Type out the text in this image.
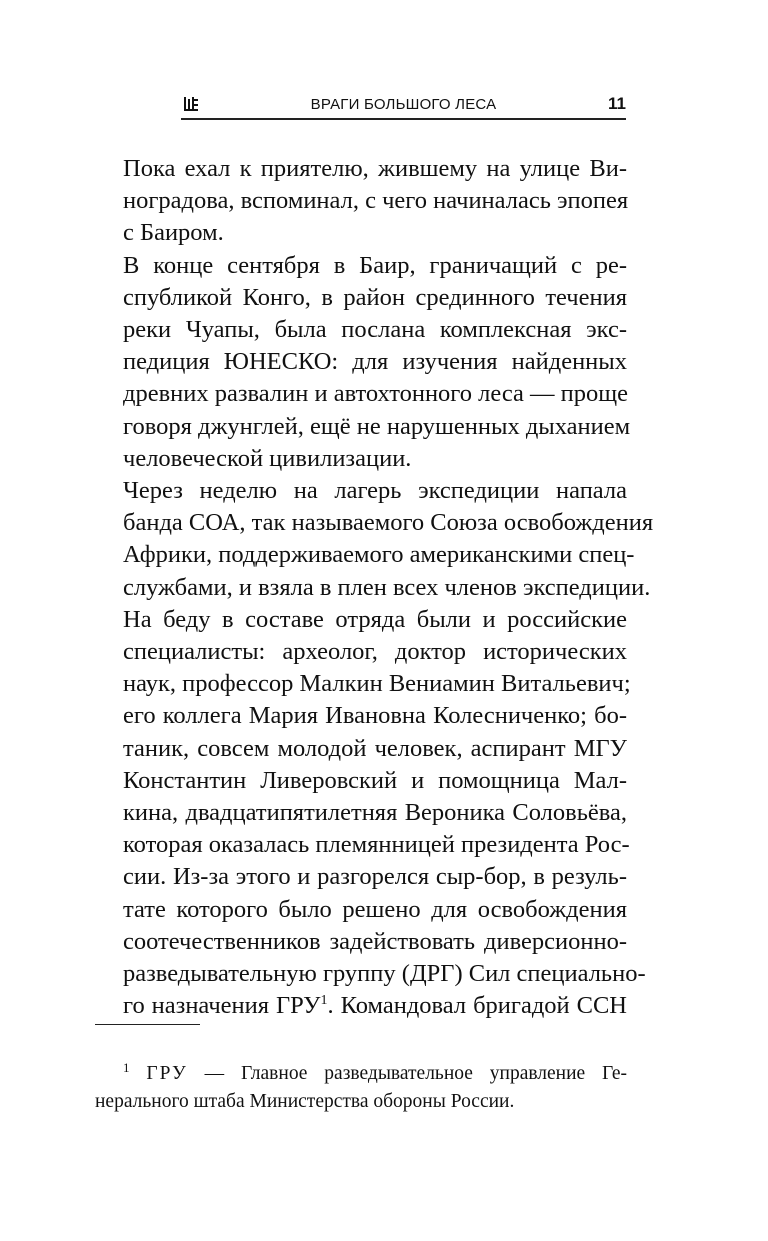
ВРАГИ БОЛЬШОГО ЛЕСА	11

Пока ехал к приятелю, жившему на улице Ви-
ноградова, вспоминал, с чего начиналась эпопея
с Баиром.

В конце сентября в Баир, граничащий с ре-
спубликой Конго, в район срединного течения
реки Чуапы, была послана комплексная экс-
педиция ЮНЕСКО: для изучения найденных
древних развалин и автохтонного леса — проще
говоря джунглей, ещё не нарушенных дыханием
человеческой цивилизации.

Через неделю на лагерь экспедиции напала
банда СОА, так называемого Союза освобождения
Африки, поддерживаемого американскими спец-
службами, и взяла в плен всех членов экспедиции.

На беду в составе отряда были и российские
специалисты: археолог, доктор исторических
наук, профессор Малкин Вениамин Витальевич;
его коллега Мария Ивановна Колесниченко; бо-
таник, совсем молодой человек, аспирант МГУ
Константин Ливеровский и помощница Мал-
кина, двадцатипятилетняя Вероника Соловьёва,
которая оказалась племянницей президента Рос-
сии. Из-за этого и разгорелся сыр-бор, в резуль-
тате которого было решено для освобождения
соотечественников задействовать диверсионно-
разведывательную группу (ДРГ) Сил специально-
го назначения ГРУ$^1$. Командовал бригадой ССН

$^1$ ГРУ — Главное разведывательное управление Ге-
нерального штаба Министерства обороны России.
